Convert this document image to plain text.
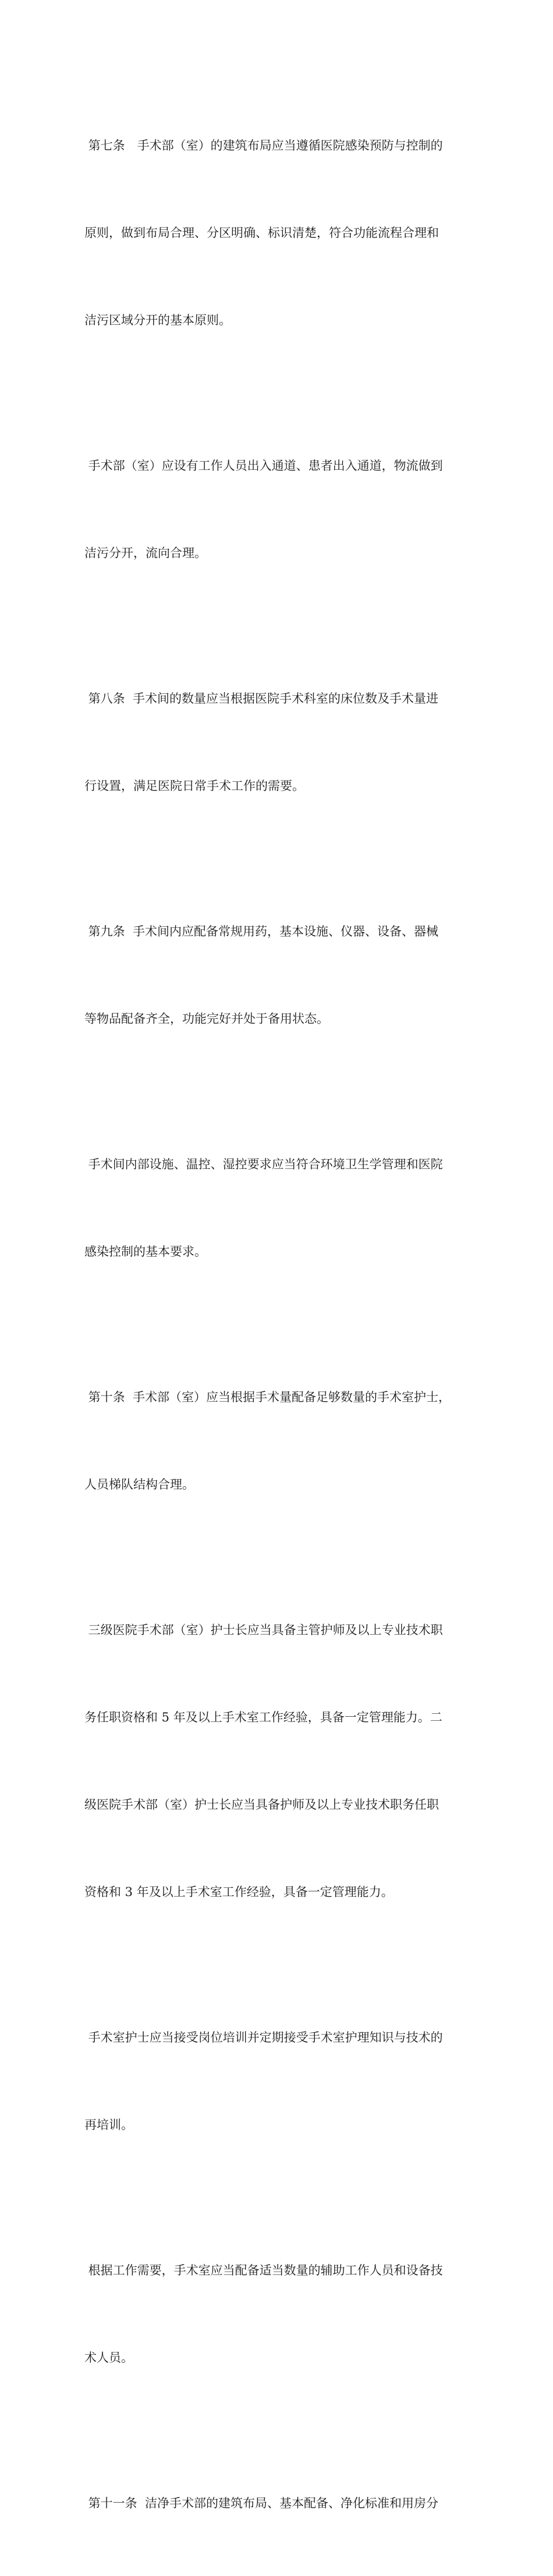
第七条　手术部（室）的建筑布局应当遵循医院感染预防与控制的

原则，做到布局合理、分区明确、标识清楚，符合功能流程合理和

洁污区域分开的基本原则。

手术部（室）应设有工作人员出入通道、患者出入通道，物流做到

洁污分开，流向合理。

第八条  手术间的数量应当根据医院手术科室的床位数及手术量进

行设置，满足医院日常手术工作的需要。

第九条  手术间内应配备常规用药，基本设施、仪器、设备、器械

等物品配备齐全，功能完好并处于备用状态。

手术间内部设施、温控、湿控要求应当符合环境卫生学管理和医院

感染控制的基本要求。

第十条  手术部（室）应当根据手术量配备足够数量的手术室护士，

人员梯队结构合理。

三级医院手术部（室）护士长应当具备主管护师及以上专业技术职

务任职资格和 5 年及以上手术室工作经验，具备一定管理能力。二

级医院手术部（室）护士长应当具备护师及以上专业技术职务任职

资格和 3 年及以上手术室工作经验，具备一定管理能力。

手术室护士应当接受岗位培训并定期接受手术室护理知识与技术的

再培训。

根据工作需要，手术室应当配备适当数量的辅助工作人员和设备技

术人员。

第十一条  洁净手术部的建筑布局、基本配备、净化标准和用房分
